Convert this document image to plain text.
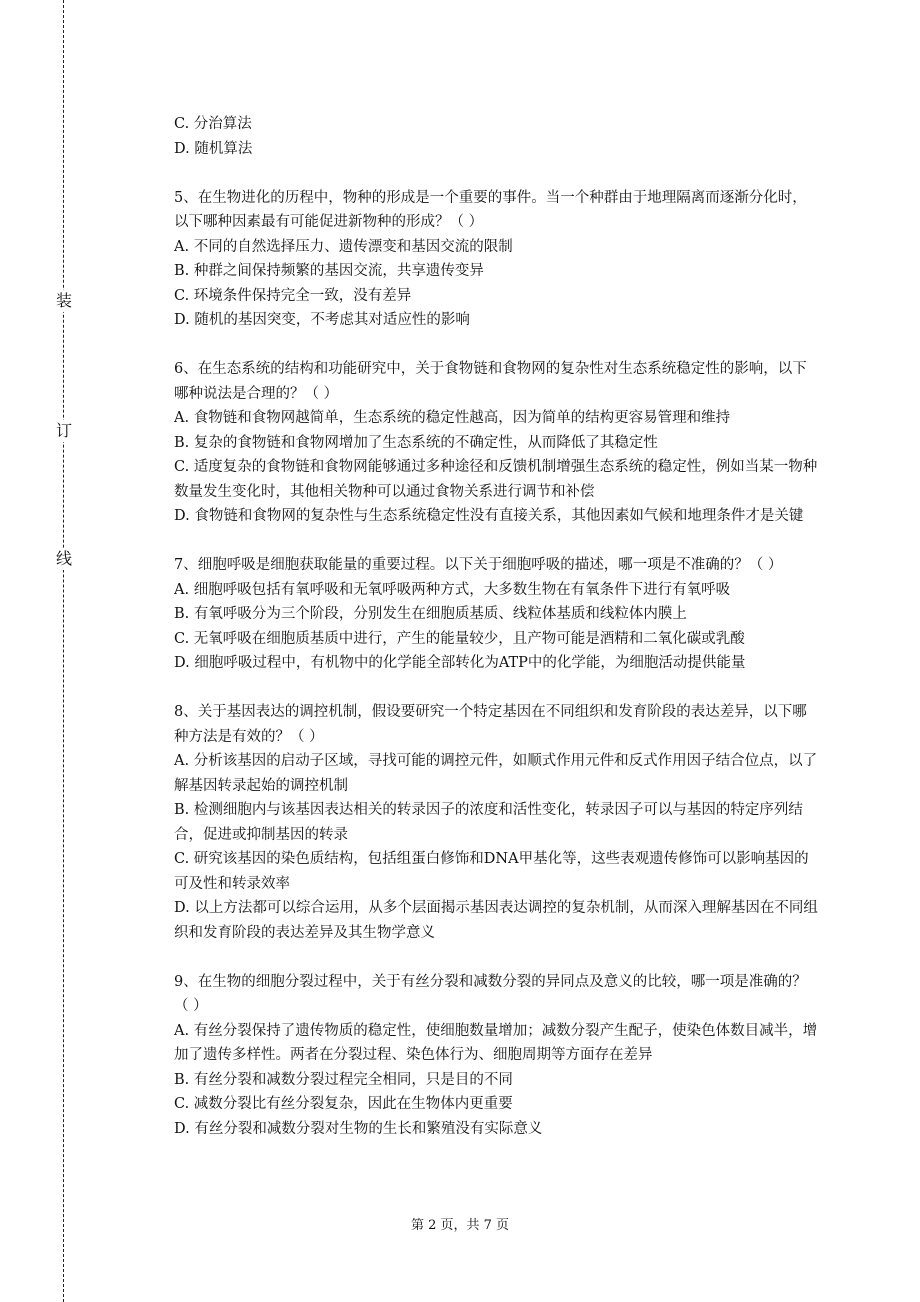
装
订
线

C. 分治算法

D. 随机算法

5、在生物进化的历程中，物种的形成是一个重要的事件。当一个种群由于地理隔离而逐渐分化时，以下哪种因素最有可能促进新物种的形成？（ ）

A. 不同的自然选择压力、遗传漂变和基因交流的限制

B. 种群之间保持频繁的基因交流，共享遗传变异

C. 环境条件保持完全一致，没有差异

D. 随机的基因突变，不考虑其对适应性的影响

6、在生态系统的结构和功能研究中，关于食物链和食物网的复杂性对生态系统稳定性的影响，以下哪种说法是合理的？（ ）

A. 食物链和食物网越简单，生态系统的稳定性越高，因为简单的结构更容易管理和维持

B. 复杂的食物链和食物网增加了生态系统的不确定性，从而降低了其稳定性

C. 适度复杂的食物链和食物网能够通过多种途径和反馈机制增强生态系统的稳定性，例如当某一物种数量发生变化时，其他相关物种可以通过食物关系进行调节和补偿

D. 食物链和食物网的复杂性与生态系统稳定性没有直接关系，其他因素如气候和地理条件才是关键

7、细胞呼吸是细胞获取能量的重要过程。以下关于细胞呼吸的描述，哪一项是不准确的？（ ）

A. 细胞呼吸包括有氧呼吸和无氧呼吸两种方式，大多数生物在有氧条件下进行有氧呼吸

B. 有氧呼吸分为三个阶段，分别发生在细胞质基质、线粒体基质和线粒体内膜上

C. 无氧呼吸在细胞质基质中进行，产生的能量较少，且产物可能是酒精和二氧化碳或乳酸

D. 细胞呼吸过程中，有机物中的化学能全部转化为ATP中的化学能，为细胞活动提供能量

8、关于基因表达的调控机制，假设要研究一个特定基因在不同组织和发育阶段的表达差异，以下哪种方法是有效的？（ ）

A. 分析该基因的启动子区域，寻找可能的调控元件，如顺式作用元件和反式作用因子结合位点，以了解基因转录起始的调控机制

B. 检测细胞内与该基因表达相关的转录因子的浓度和活性变化，转录因子可以与基因的特定序列结合，促进或抑制基因的转录

C. 研究该基因的染色质结构，包括组蛋白修饰和DNA甲基化等，这些表观遗传修饰可以影响基因的可及性和转录效率

D. 以上方法都可以综合运用，从多个层面揭示基因表达调控的复杂机制，从而深入理解基因在不同组织和发育阶段的表达差异及其生物学意义

9、在生物的细胞分裂过程中，关于有丝分裂和减数分裂的异同点及意义的比较，哪一项是准确的？（ ）

A. 有丝分裂保持了遗传物质的稳定性，使细胞数量增加；减数分裂产生配子，使染色体数目减半，增加了遗传多样性。两者在分裂过程、染色体行为、细胞周期等方面存在差异

B. 有丝分裂和减数分裂过程完全相同，只是目的不同

C. 减数分裂比有丝分裂复杂，因此在生物体内更重要

D. 有丝分裂和减数分裂对生物的生长和繁殖没有实际意义

第 2 页，共 7 页
